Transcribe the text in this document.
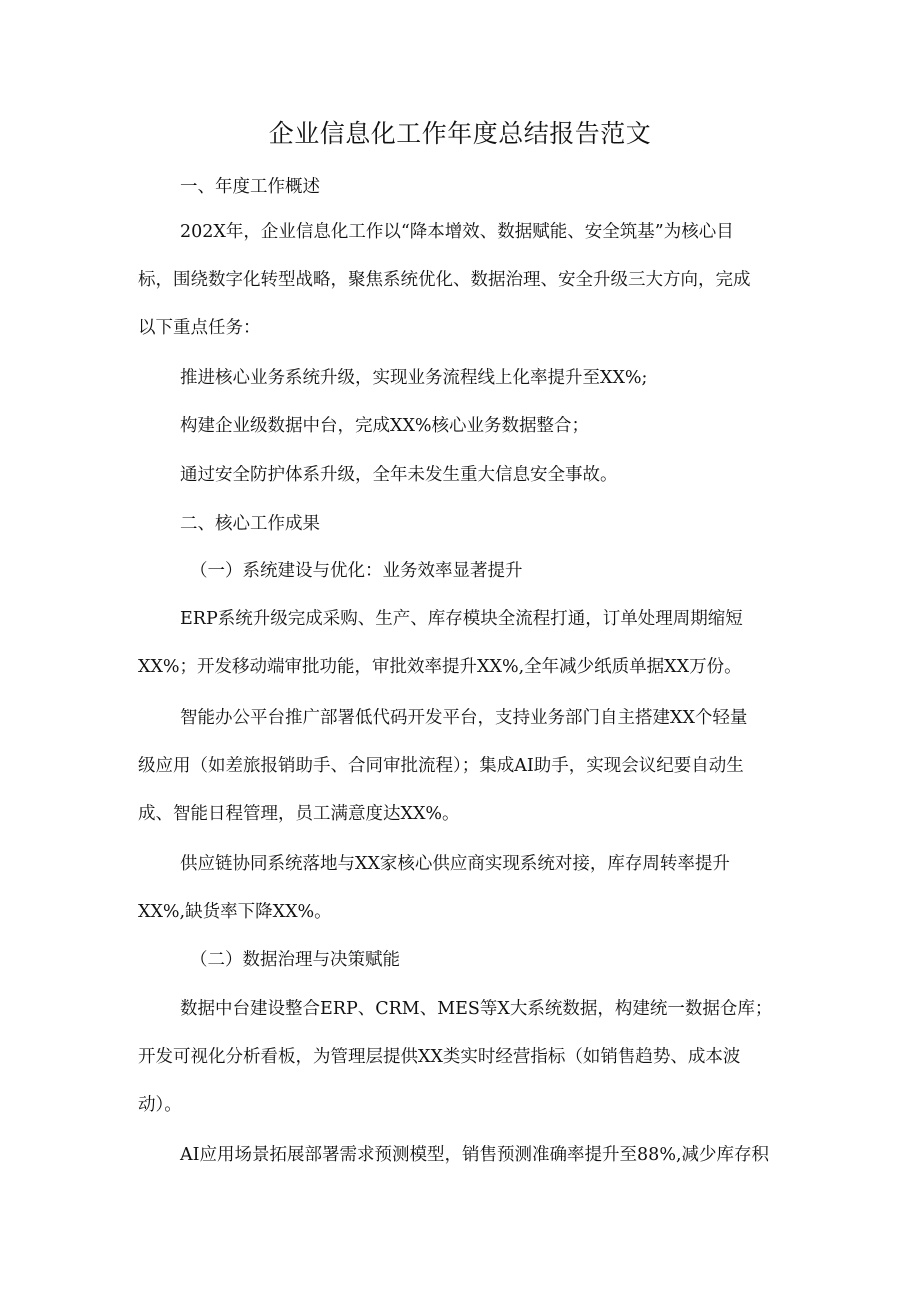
企业信息化工作年度总结报告范文
一、年度工作概述
202X年，企业信息化工作以“降本增效、数据赋能、安全筑基”为核心目
标，围绕数字化转型战略，聚焦系统优化、数据治理、安全升级三大方向，完成
以下重点任务：
推进核心业务系统升级，实现业务流程线上化率提升至XX%;
构建企业级数据中台，完成XX%核心业务数据整合；
通过安全防护体系升级，全年未发生重大信息安全事故。
二、核心工作成果
（一）系统建设与优化：业务效率显著提升
ERP系统升级完成采购、生产、库存模块全流程打通，订单处理周期缩短
XX%；开发移动端审批功能，审批效率提升XX%,全年减少纸质单据XX万份。
智能办公平台推广部署低代码开发平台，支持业务部门自主搭建XX个轻量
级应用（如差旅报销助手、合同审批流程）；集成AI助手，实现会议纪要自动生
成、智能日程管理，员工满意度达XX%。
供应链协同系统落地与XX家核心供应商实现系统对接，库存周转率提升
XX%,缺货率下降XX%。
（二）数据治理与决策赋能
数据中台建设整合ERP、CRM、MES等X大系统数据，构建统一数据仓库；
开发可视化分析看板，为管理层提供XX类实时经营指标（如销售趋势、成本波
动）。
AI应用场景拓展部署需求预测模型，销售预测准确率提升至88%,减少库存积
